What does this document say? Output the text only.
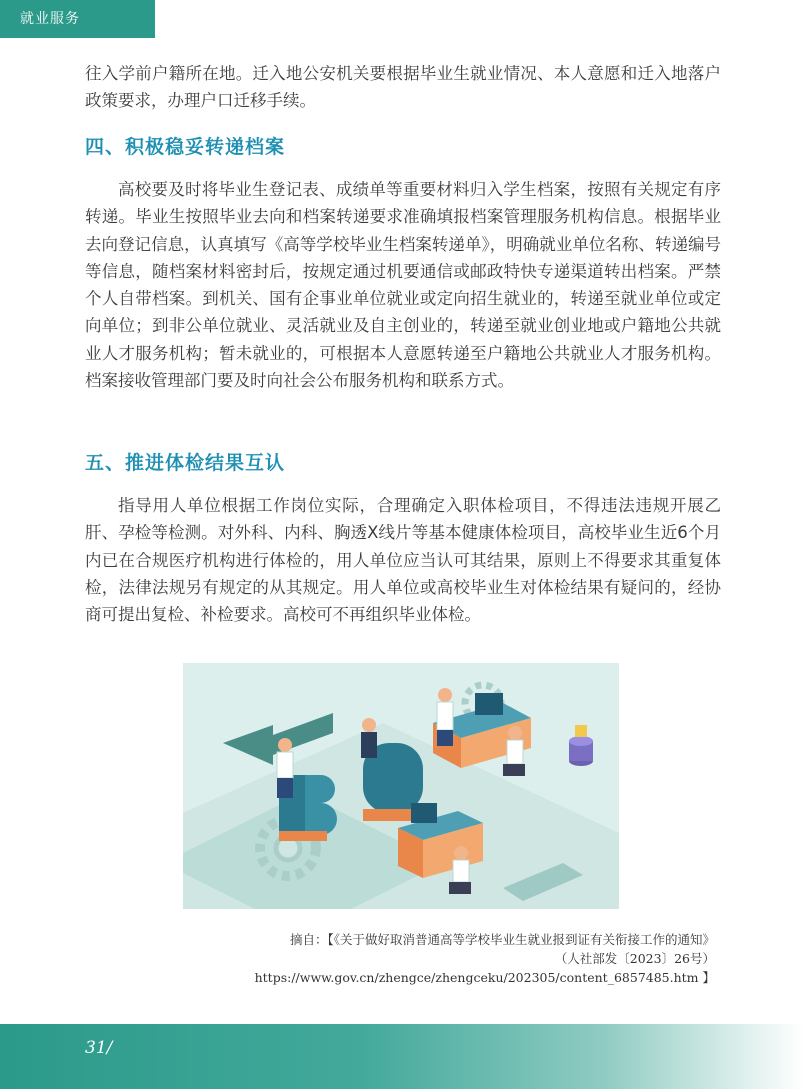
就业服务

往入学前户籍所在地。迁入地公安机关要根据毕业生就业情况、本人意愿和迁入地落户政策要求，办理户口迁移手续。

四、积极稳妥转递档案

高校要及时将毕业生登记表、成绩单等重要材料归入学生档案，按照有关规定有序转递。毕业生按照毕业去向和档案转递要求准确填报档案管理服务机构信息。根据毕业去向登记信息，认真填写《高等学校毕业生档案转递单》，明确就业单位名称、转递编号等信息，随档案材料密封后，按规定通过机要通信或邮政特快专递渠道转出档案。严禁个人自带档案。到机关、国有企事业单位就业或定向招生就业的，转递至就业单位或定向单位；到非公单位就业、灵活就业及自主创业的，转递至就业创业地或户籍地公共就业人才服务机构；暂未就业的，可根据本人意愿转递至户籍地公共就业人才服务机构。档案接收管理部门要及时向社会公布服务机构和联系方式。

五、推进体检结果互认

指导用人单位根据工作岗位实际，合理确定入职体检项目，不得违法违规开展乙肝、孕检等检测。对外科、内科、胸透X线片等基本健康体检项目，高校毕业生近6个月内已在合规医疗机构进行体检的，用人单位应当认可其结果，原则上不得要求其重复体检，法律法规另有规定的从其规定。用人单位或高校毕业生对体检结果有疑问的，经协商可提出复检、补检要求。高校可不再组织毕业体检。

摘自：【《关于做好取消普通高等学校毕业生就业报到证有关衔接工作的通知》
（人社部发〔2023〕26号）
https://www.gov.cn/zhengce/zhengceku/202305/content_6857485.htm 】
31/
